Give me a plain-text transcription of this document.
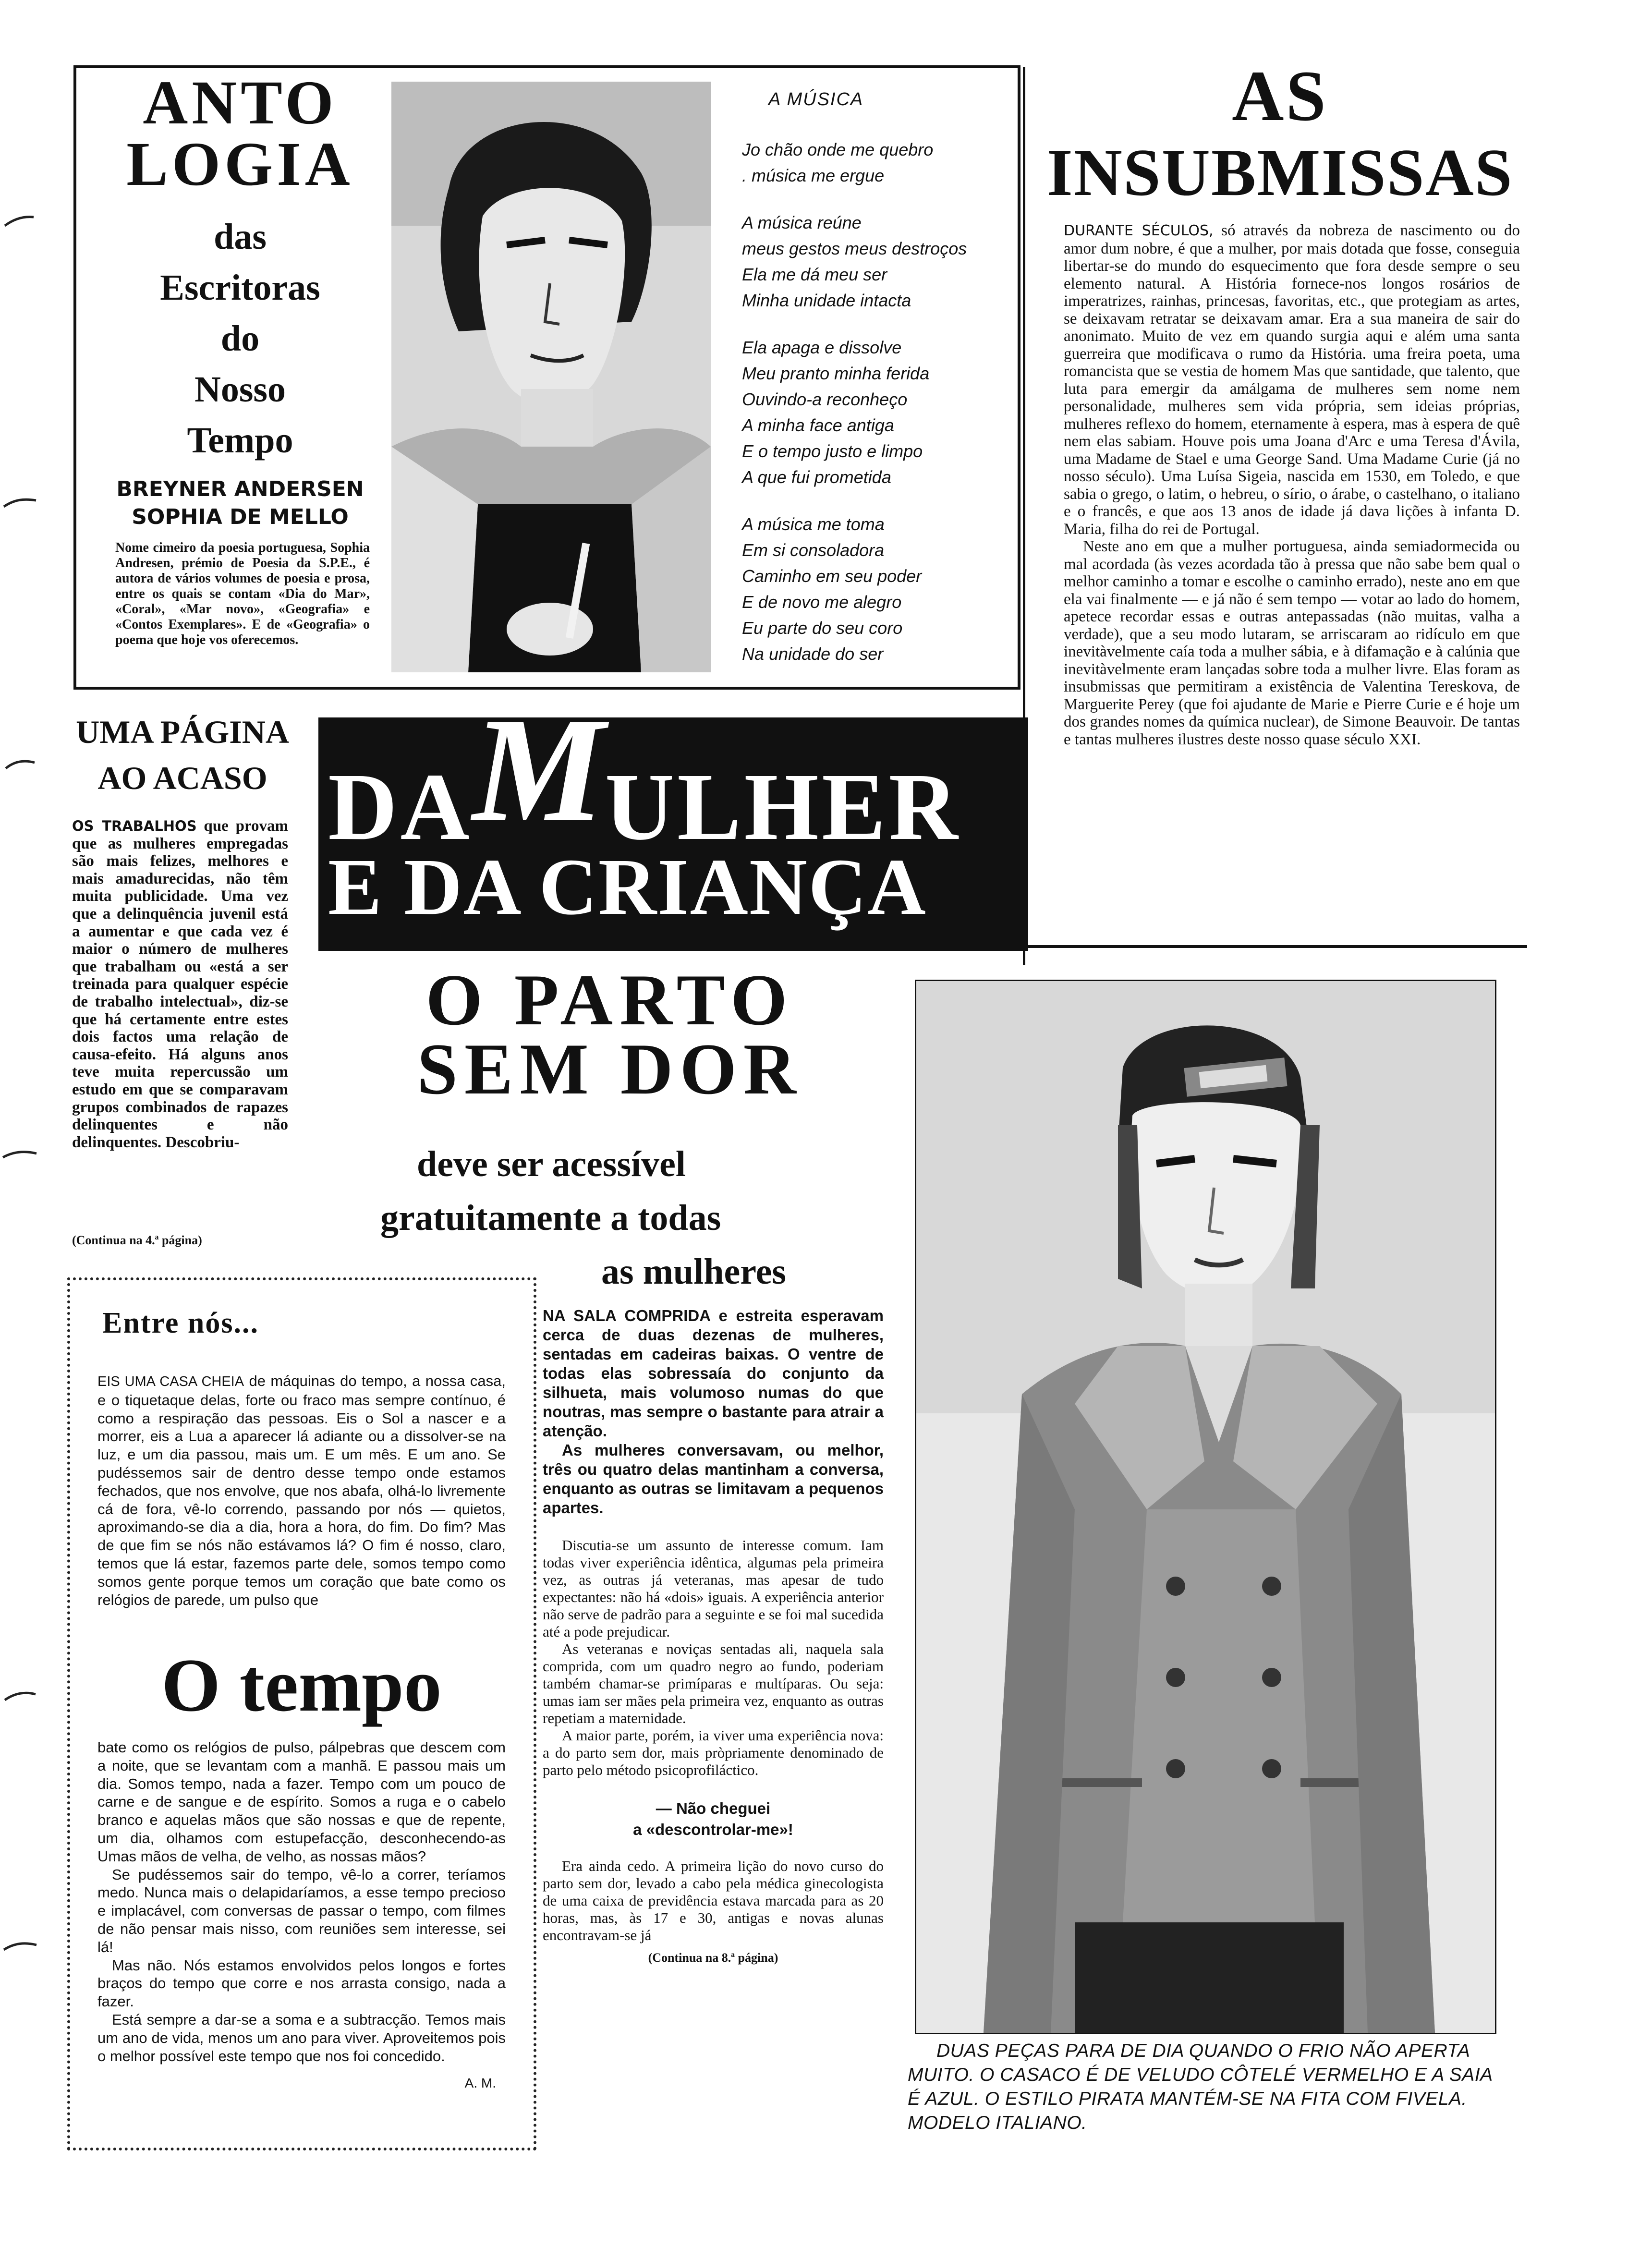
ANTO
LOGIA
das
Escritoras
do
Nosso
Tempo
BREYNER ANDERSEN
SOPHIA DE MELLO
Nome cimeiro da poesia portuguesa, Sophia Andresen, prémio de Poesia da S.P.E., é autora de vários volumes de poesia e prosa, entre os quais se contam «Dia do Mar», «Coral», «Mar novo», «Geografia» e «Contos Exemplares». E de «Geografia» o poema que hoje vos oferecemos.
A MÚSICA
Jo chão onde me quebro
. música me ergue
A música reúne
meus gestos meus destroços
Ela me dá meu ser
Minha unidade intacta
Ela apaga e dissolve
Meu pranto minha ferida
Ouvindo-a reconheço
A minha face antiga
E o tempo justo e limpo
A que fui prometida
A música me toma
Em si consoladora
Caminho em seu poder
E de novo me alegro
Eu parte do seu coro
Na unidade do ser
AS
INSUBMISSAS

DURANTE SÉCULOS, só através da nobreza de nascimento ou do amor dum nobre, é que a mulher, por mais dotada que fosse, conseguia libertar-se do mundo do esquecimento que fora desde sempre o seu elemento natural. A História fornece-nos longos rosários de imperatrizes, rainhas, princesas, favoritas, etc., que protegiam as artes, se deixavam retratar se deixavam amar. Era a sua maneira de sair do anonimato. Muito de vez em quando surgia aqui e além uma santa guerreira que modificava o rumo da História. uma freira poeta, uma romancista que se vestia de homem Mas que santidade, que talento, que luta para emergir da amálgama de mulheres sem nome nem personalidade, mulheres sem vida própria, sem ideias próprias, mulheres reflexo do homem, eternamente à espera, mas à espera de quê nem elas sabiam. Houve pois uma Joana d'Arc e uma Teresa d'Ávila, uma Madame de Stael e uma George Sand. Uma Madame Curie (já no nosso século). Uma Luísa Sigeia, nascida em 1530, em Toledo, e que sabia o grego, o latim, o hebreu, o sírio, o árabe, o castelhano, o italiano e o francês, e que aos 13 anos de idade já dava lições à infanta D. Maria, filha do rei de Portugal.

Neste ano em que a mulher portuguesa, ainda semiadormecida ou mal acordada (às vezes acordada tão à pressa que não sabe bem qual o melhor caminho a tomar e escolhe o caminho errado), neste ano em que ela vai finalmente — e já não é sem tempo — votar ao lado do homem, apetece recordar essas e outras antepassadas (não muitas, valha a verdade), que a seu modo lutaram, se arriscaram ao ridículo em que inevitàvelmente caía toda a mulher sábia, e à difamação e à calúnia que inevitàvelmente eram lançadas sobre toda a mulher livre. Elas foram as insubmissas que permitiram a existência de Valentina Tereskova, de Marguerite Perey (que foi ajudante de Marie e Pierre Curie e é hoje um dos grandes nomes da química nuclear), de Simone Beauvoir. De tantas e tantas mulheres ilustres deste nosso quase século XXI.

UMA PÁGINA
AO ACASO
OS TRABALHOS que provam que as mulheres empregadas são mais felizes, melhores e mais amadurecidas, não têm muita publicidade. Uma vez que a delinquência juvenil está a aumentar e que cada vez é maior o número de mulheres que trabalham ou «está a ser treinada para qualquer espécie de trabalho intelectual», diz-se que há certamente entre estes dois factos uma relação de causa-efeito. Há alguns anos teve muita repercussão um estudo em que se comparavam grupos combinados de rapazes delinquentes e não delinquentes. Descobriu-
(Continua na 4.ª página)
DAMULHER
E DA CRIANÇA
O PARTO
SEM DOR
deve ser acessível
gratuitamente a todas
as mulheres

NA SALA COMPRIDA e estreita esperavam cerca de duas dezenas de mulheres, sentadas em cadeiras baixas. O ventre de todas elas sobressaía do conjunto da silhueta, mais volumoso numas do que noutras, mas sempre o bastante para atrair a atenção.

As mulheres conversavam, ou melhor, três ou quatro delas mantinham a conversa, enquanto as outras se limitavam a pequenos apartes.

Discutia-se um assunto de interesse comum. Iam todas viver experiência idêntica, algumas pela primeira vez, as outras já veteranas, mas apesar de tudo expectantes: não há «dois» iguais. A experiência anterior não serve de padrão para a seguinte e se foi mal sucedida até a pode prejudicar.

As veteranas e noviças sentadas ali, naquela sala comprida, com um quadro negro ao fundo, poderiam também chamar-se primíparas e multíparas. Ou seja: umas iam ser mães pela primeira vez, enquanto as outras repetiam a maternidade.

A maior parte, porém, ia viver uma experiência nova: a do parto sem dor, mais pròpriamente denominado de parto pelo método psicoprofiláctico.

— Não cheguei
a «descontrolar-me»!

Era ainda cedo. A primeira lição do novo curso do parto sem dor, levado a cabo pela médica ginecologista de uma caixa de previdência estava marcada para as 20 horas, mas, às 17 e 30, antigas e novas alunas encontravam-se já

(Continua na 8.ª página)
Entre nós...
EIS UMA CASA CHEIA de máquinas do tempo, a nossa casa, e o tiquetaque delas, forte ou fraco mas sempre contínuo, é como a respiração das pessoas. Eis o Sol a nascer e a morrer, eis a Lua a aparecer lá adiante ou a dissolver-se na luz, e um dia passou, mais um. E um mês. E um ano. Se pudéssemos sair de dentro desse tempo onde estamos fechados, que nos envolve, que nos abafa, olhá-lo livremente cá de fora, vê-lo correndo, passando por nós — quietos, aproximando-se dia a dia, hora a hora, do fim. Do fim? Mas de que fim se nós não estávamos lá? O fim é nosso, claro, temos que lá estar, fazemos parte dele, somos tempo como somos gente porque temos um coração que bate como os relógios de parede, um pulso que
O tempo

bate como os relógios de pulso, pálpebras que descem com a noite, que se levantam com a manhã. E passou mais um dia. Somos tempo, nada a fazer. Tempo com um pouco de carne e de sangue e de espírito. Somos a ruga e o cabelo branco e aquelas mãos que são nossas e que de repente, um dia, olhamos com estupefacção, desconhecendo-as Umas mãos de velha, de velho, as nossas mãos?

Se pudéssemos sair do tempo, vê-lo a correr, teríamos medo. Nunca mais o delapidaríamos, a esse tempo precioso e implacável, com conversas de passar o tempo, com filmes de não pensar mais nisso, com reuniões sem interesse, sei lá!

Mas não. Nós estamos envolvidos pelos longos e fortes braços do tempo que corre e nos arrasta consigo, nada a fazer.

Está sempre a dar-se a soma e a subtracção. Temos mais um ano de vida, menos um ano para viver. Aproveitemos pois o melhor possível este tempo que nos foi concedido.

A. M.
DUAS PEÇAS PARA DE DIA QUANDO O FRIO NÃO APERTA
MUITO. O CASACO É DE VELUDO CÔTELÉ VERMELHO E A SAIA
É AZUL. O ESTILO PIRATA MANTÉM-SE NA FITA COM FIVELA.
MODELO ITALIANO.
